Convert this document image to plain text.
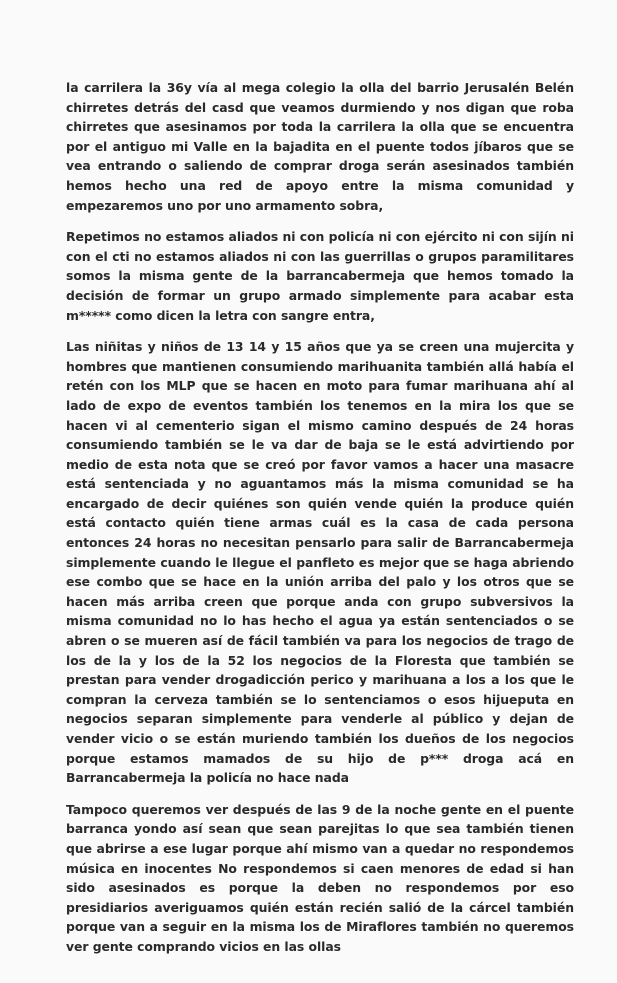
la carrilera la 36y vía al mega colegio la olla del barrio Jerusalén Belén chirretes detrás del casd que veamos durmiendo y nos digan que roba chirretes que asesinamos por toda la carrilera la olla que se encuentra por el antiguo mi Valle en la bajadita en el puente todos jíbaros que se vea entrando o saliendo de comprar droga serán asesinados también hemos hecho una red de apoyo entre la misma comunidad y empezaremos uno por uno armamento sobra,

Repetimos no estamos aliados ni con policía ni con ejército ni con sijín ni con el cti no estamos aliados ni con las guerrillas o grupos paramilitares somos la misma gente de la barrancabermeja que hemos tomado la decisión de formar un grupo armado simplemente para acabar esta m***** como dicen la letra con sangre entra,

Las niñitas y niños de 13 14 y 15 años que ya se creen una mujercita y hombres que mantienen consumiendo marihuanita también allá había el retén con los MLP que se hacen en moto para fumar marihuana ahí al lado de expo de eventos también los tenemos en la mira los que se hacen vi al cementerio sigan el mismo camino después de 24 horas consumiendo también se le va dar de baja se le está advirtiendo por medio de esta nota que se creó por favor vamos a hacer una masacre está sentenciada y no aguantamos más la misma comunidad se ha encargado de decir quiénes son quién vende quién la produce quién está contacto quién tiene armas cuál es la casa de cada persona entonces 24 horas no necesitan pensarlo para salir de Barrancabermeja simplemente cuando le llegue el panfleto es mejor que se haga abriendo ese combo que se hace en la unión arriba del palo y los otros que se hacen más arriba creen que porque anda con grupo subversivos la misma comunidad no lo has hecho el agua ya están sentenciados o se abren o se mueren así de fácil también va para los negocios de trago de los de la y los de la 52 los negocios de la Floresta que también se prestan para vender drogadicción perico y marihuana a los a los que le compran la cerveza también se lo sentenciamos o esos hijueputa en negocios separan simplemente para venderle al público y dejan de vender vicio o se están muriendo también los dueños de los negocios porque estamos mamados de su hijo de p*** droga acá en Barrancabermeja la policía no hace nada

Tampoco queremos ver después de las 9 de la noche gente en el puente barranca yondo así sean que sean parejitas lo que sea también tienen que abrirse a ese lugar porque ahí mismo van a quedar no respondemos música en inocentes No respondemos si caen menores de edad si han sido asesinados es porque la deben no respondemos por eso presidiarios averiguamos quién están recién salió de la cárcel también porque van a seguir en la misma los de Miraflores también no queremos ver gente comprando vicios en las ollas
